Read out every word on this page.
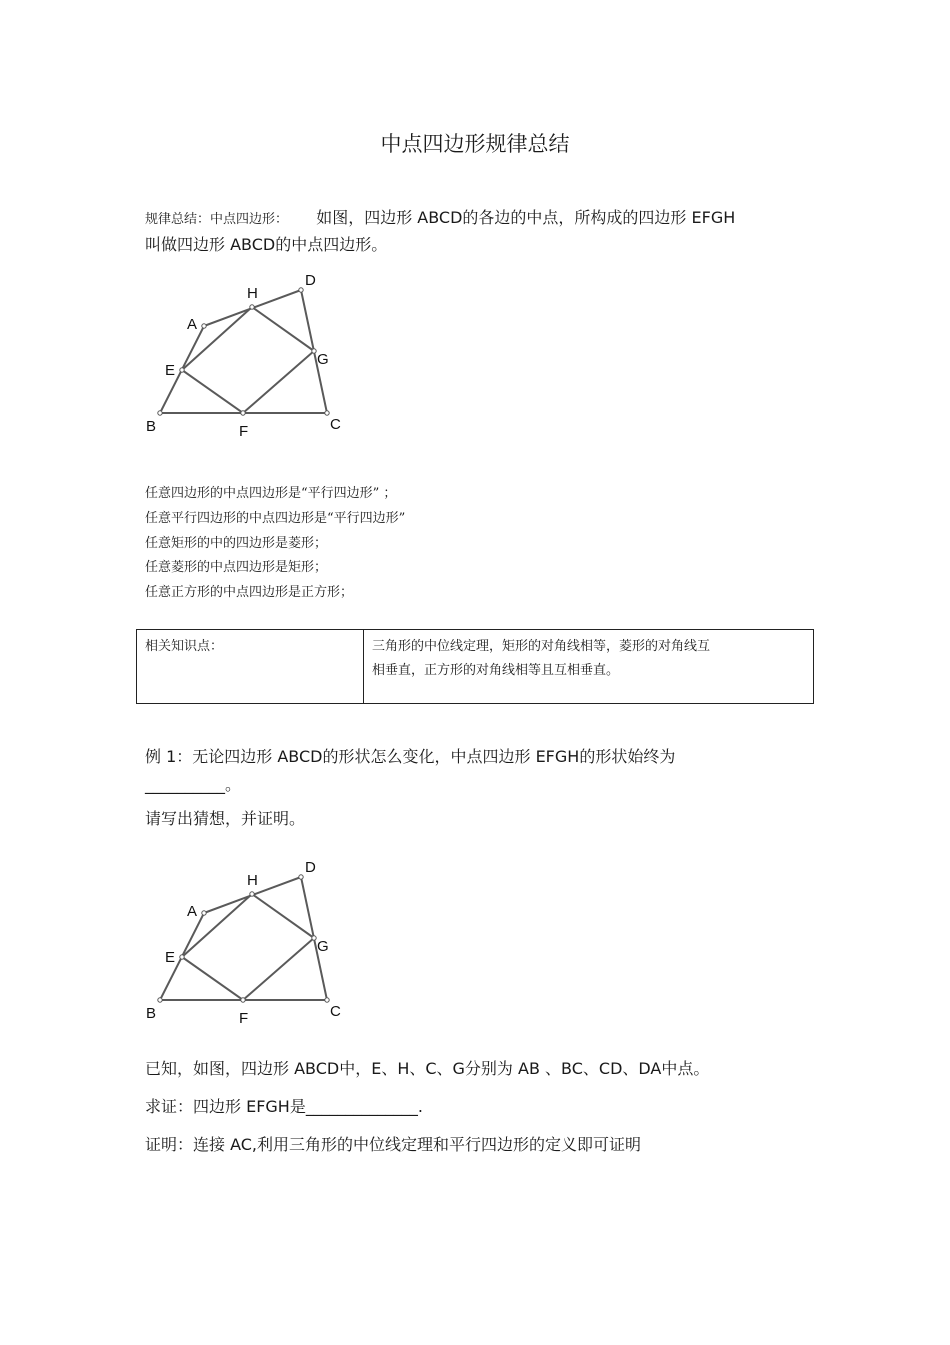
中点四边形规律总结
规律总结：中点四边形： 如图，四边形 ABCD的各边的中点，所构成的四边形 EFGH
叫做四边形 ABCD的中点四边形。
A
B	C
D
E
F
G
H
任意四边形的中点四边形是“平行四边形” ；
任意平行四边形的中点四边形是“平行四边形”
任意矩形的中的四边形是菱形；
任意菱形的中点四边形是矩形；
任意正方形的中点四边形是正方形；
相关知识点：	三角形的中位线定理，矩形的对角线相等，菱形的对角线互
相垂直，正方形的对角线相等且互相垂直。
例 1：无论四边形 ABCD的形状怎么变化，中点四边形 EFGH的形状始终为
__________。
请写出猜想，并证明。
A
B	C
D
E
F
G
H
已知，如图，四边形 ABCD中，E、H、C、G分别为 AB 、BC、CD、DA中点。
求证：四边形 EFGH是______________.
证明：连接 AC,利用三角形的中位线定理和平行四边形的定义即可证明
